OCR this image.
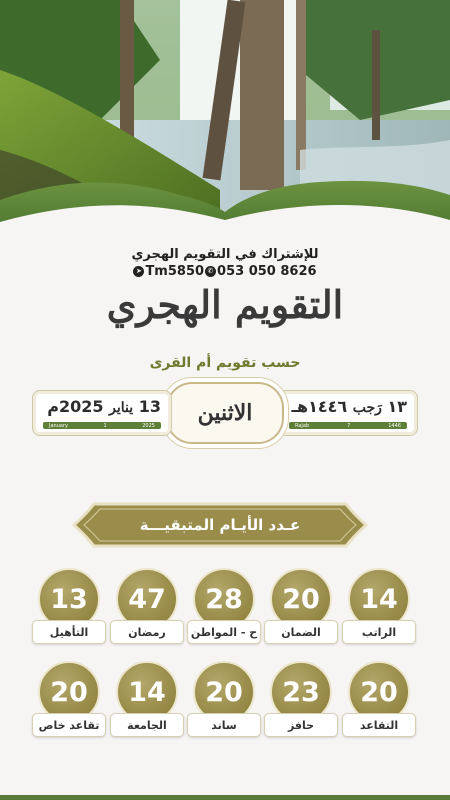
للإشتراك في التقويم الهجري
➤ Tm5850 ✆ 053 050 8626
التقويم الهجري
حسب تقويم أم القرى
١٣ رَجب ١٤٤٦هـ
Rajab	7	1446
الاثنين
13 يناير 2025م
January	1	2025
عـدد الأيـام المتبقيـــة
14
الراتب
20
الضمان
28
ح - المواطن
47
رمضان
13
التأهيل
20
التقاعد
23
حافز
20
ساند
14
الجامعة
20
تقاعد خاص
